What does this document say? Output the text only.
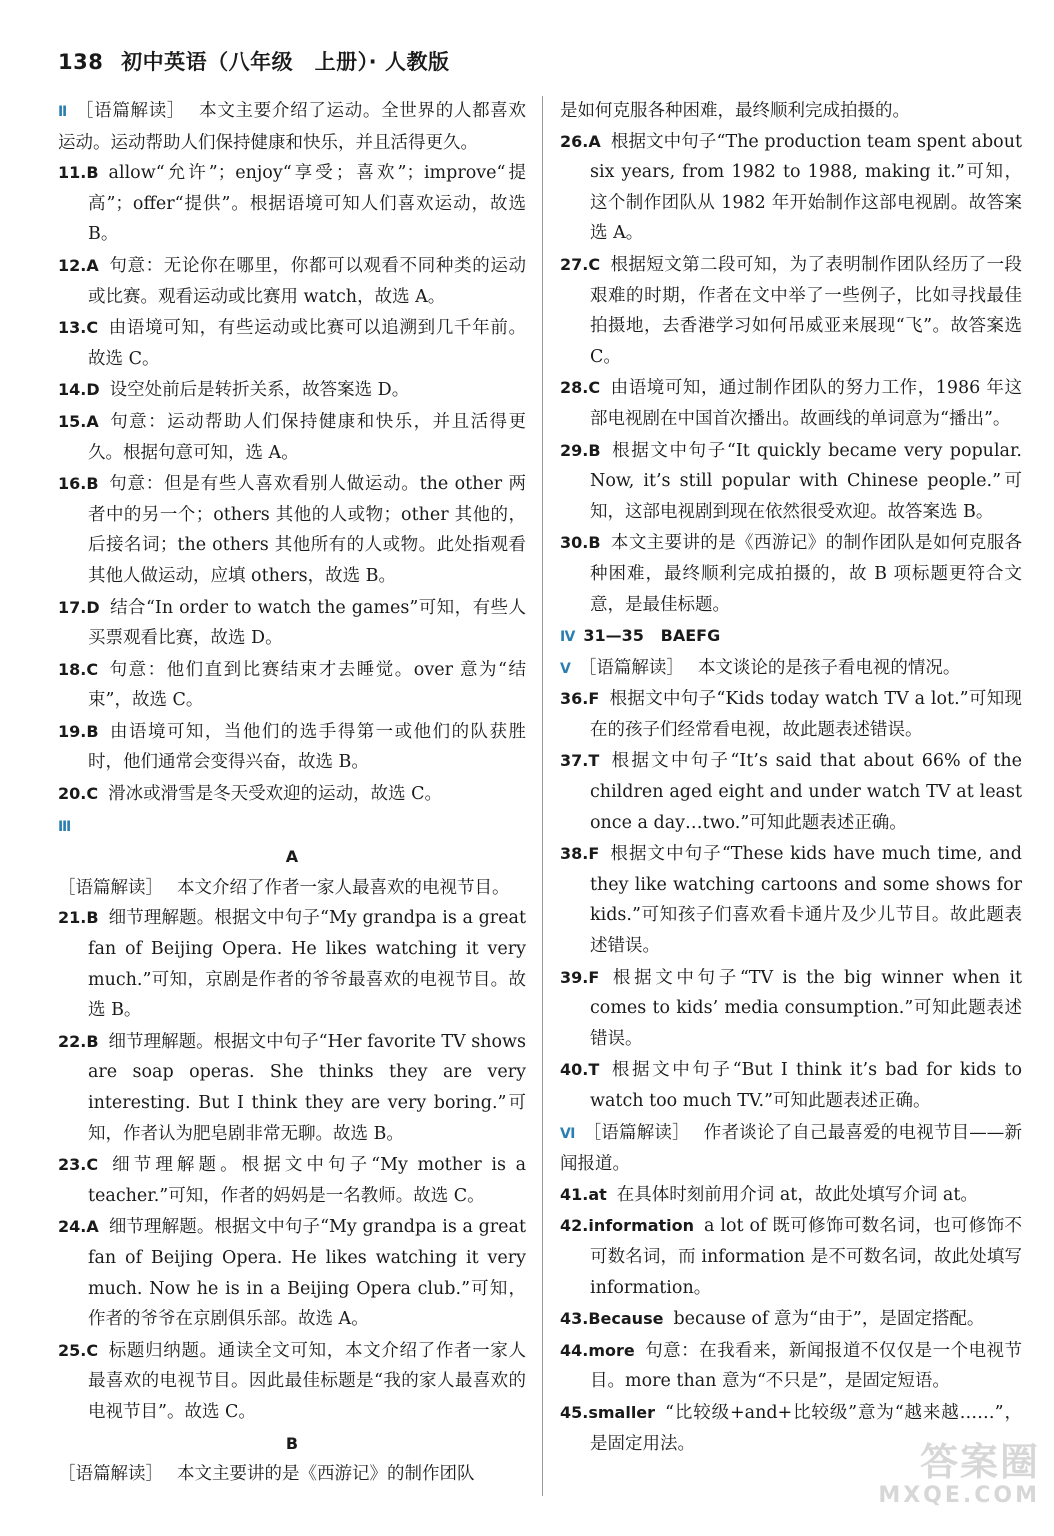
138 初中英语（八年级　上册）· 人教版
Ⅱ ［语篇解读］ 本文主要介绍了运动。全世界的人都喜欢运动。运动帮助人们保持健康和快乐，并且活得更久。
11.B allow“允许”；enjoy“享受；喜欢”；improve“提高”；offer“提供”。根据语境可知人们喜欢运动，故选 B。
12.A 句意：无论你在哪里，你都可以观看不同种类的运动或比赛。观看运动或比赛用 watch，故选 A。
13.C 由语境可知，有些运动或比赛可以追溯到几千年前。故选 C。
14.D 设空处前后是转折关系，故答案选 D。
15.A 句意：运动帮助人们保持健康和快乐，并且活得更久。根据句意可知，选 A。
16.B 句意：但是有些人喜欢看别人做运动。the other 两者中的另一个；others 其他的人或物；other 其他的，后接名词；the others 其他所有的人或物。此处指观看其他人做运动，应填 others，故选 B。
17.D 结合“In order to watch the games”可知，有些人买票观看比赛，故选 D。
18.C 句意：他们直到比赛结束才去睡觉。over 意为“结束”，故选 C。
19.B 由语境可知，当他们的选手得第一或他们的队获胜时，他们通常会变得兴奋，故选 B。
20.C 滑冰或滑雪是冬天受欢迎的运动，故选 C。
Ⅲ
A
［语篇解读］ 本文介绍了作者一家人最喜欢的电视节目。
21.B 细节理解题。根据文中句子“My grandpa is a great fan of Beijing Opera. He likes watching it very much.”可知，京剧是作者的爷爷最喜欢的电视节目。故选 B。
22.B 细节理解题。根据文中句子“Her favorite TV shows are soap operas. She thinks they are very interesting. But I think they are very boring.”可知，作者认为肥皂剧非常无聊。故选 B。
23.C 细节理解题。根据文中句子“My mother is a teacher.”可知，作者的妈妈是一名教师。故选 C。
24.A 细节理解题。根据文中句子“My grandpa is a great fan of Beijing Opera. He likes watching it very much. Now he is in a Beijing Opera club.”可知，作者的爷爷在京剧俱乐部。故选 A。
25.C 标题归纳题。通读全文可知，本文介绍了作者一家人最喜欢的电视节目。因此最佳标题是“我的家人最喜欢的电视节目”。故选 C。
B
［语篇解读］ 本文主要讲的是《西游记》的制作团队
是如何克服各种困难，最终顺利完成拍摄的。
26.A 根据文中句子“The production team spent about six years, from 1982 to 1988, making it.”可知，这个制作团队从 1982 年开始制作这部电视剧。故答案选 A。
27.C 根据短文第二段可知，为了表明制作团队经历了一段艰难的时期，作者在文中举了一些例子，比如寻找最佳拍摄地，去香港学习如何吊威亚来展现“飞”。故答案选 C。
28.C 由语境可知，通过制作团队的努力工作，1986 年这部电视剧在中国首次播出。故画线的单词意为“播出”。
29.B 根据文中句子“It quickly became very popular. Now, it’s still popular with Chinese people.”可知，这部电视剧到现在依然很受欢迎。故答案选 B。
30.B 本文主要讲的是《西游记》的制作团队是如何克服各种困难，最终顺利完成拍摄的，故 B 项标题更符合文意，是最佳标题。
Ⅳ 31—35 BAEFG
Ⅴ ［语篇解读］ 本文谈论的是孩子看电视的情况。
36.F 根据文中句子“Kids today watch TV a lot.”可知现在的孩子们经常看电视，故此题表述错误。
37.T 根据文中句子“It’s said that about 66% of the children aged eight and under watch TV at least once a day…two.”可知此题表述正确。
38.F 根据文中句子“These kids have much time, and they like watching cartoons and some shows for kids.”可知孩子们喜欢看卡通片及少儿节目。故此题表述错误。
39.F 根据文中句子“TV is the big winner when it comes to kids’ media consumption.”可知此题表述错误。
40.T 根据文中句子“But I think it’s bad for kids to watch too much TV.”可知此题表述正确。
Ⅵ ［语篇解读］ 作者谈论了自己最喜爱的电视节目——新闻报道。
41.at 在具体时刻前用介词 at，故此处填写介词 at。
42.information a lot of 既可修饰可数名词，也可修饰不可数名词，而 information 是不可数名词，故此处填写 information。
43.Because because of 意为“由于”，是固定搭配。
44.more 句意：在我看来，新闻报道不仅仅是一个电视节目。more than 意为“不只是”，是固定短语。
45.smaller “比较级+and+比较级”意为“越来越……”，是固定用法。	答案圈
MXQE.COM
